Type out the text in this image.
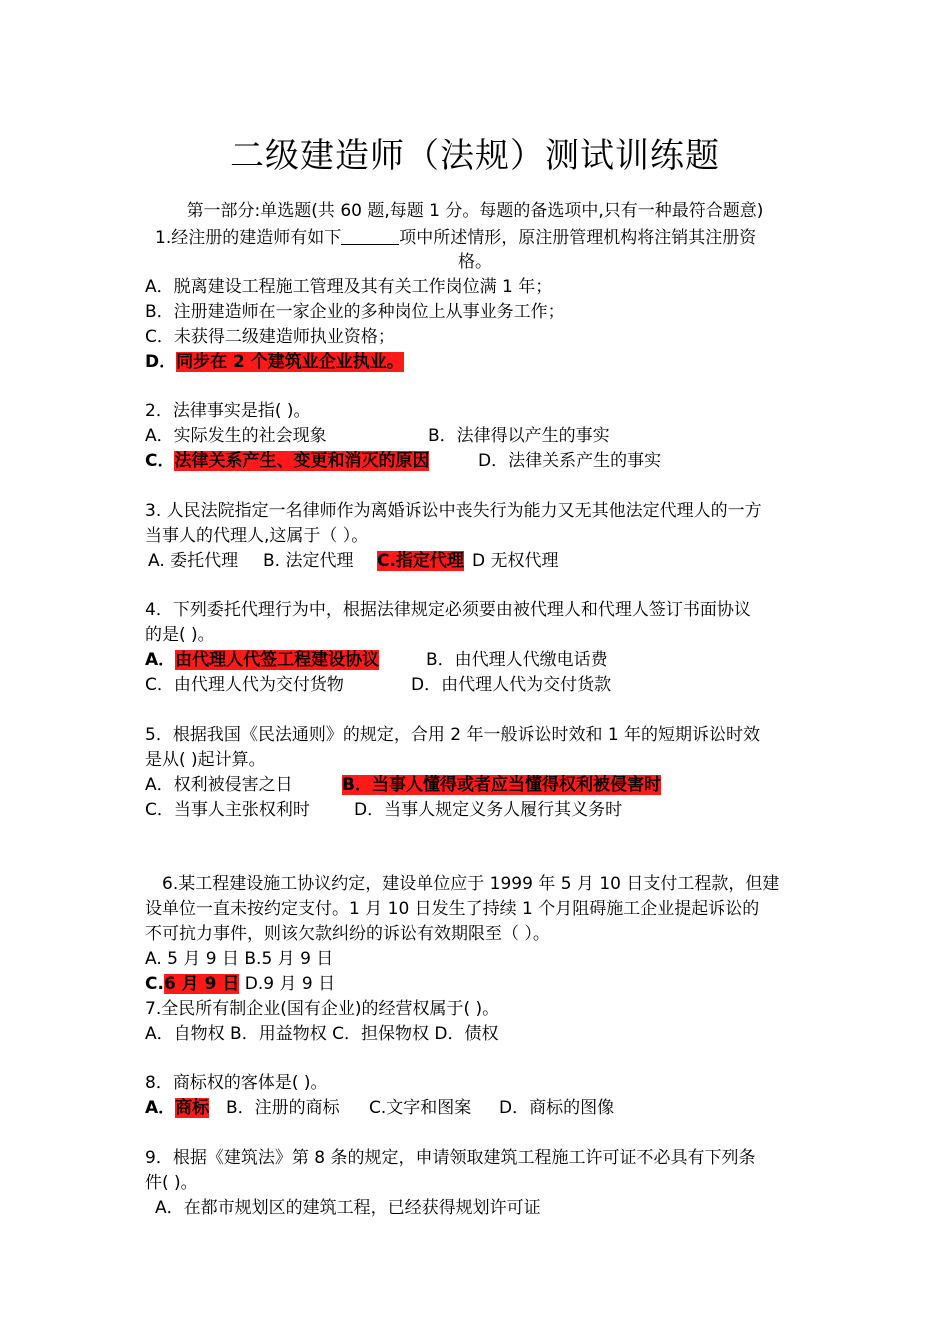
二级建造师（法规）测试训练题
第一部分:单选题(共 60 题,每题 1 分。每题的备选项中,只有一种最符合题意)
1.经注册的建造师有如下	项中所述情形，原注册管理机构将注销其注册资
格。
A．脱离建设工程施工管理及其有关工作岗位满 1 年；
B．注册建造师在一家企业的多种岗位上从事业务工作；
C．未获得二级建造师执业资格；
D．同步在 2 个建筑业企业执业。
2．法律事实是指( )。
A．实际发生的社会现象	B．法律得以产生的事实
C．法律关系产生、变更和消灭的原因	D．法律关系产生的事实
3. 人民法院指定一名律师作为离婚诉讼中丧失行为能力又无其他法定代理人的一方
当事人的代理人,这属于（ ）。
A. 委托代理 B. 法定代理 C.指定代理 D 无权代理
4．下列委托代理行为中，根据法律规定必须要由被代理人和代理人签订书面协议
的是( )。
A．由代理人代签工程建设协议	B．由代理人代缴电话费
C．由代理人代为交付货物	D．由代理人代为交付货款
5．根据我国《民法通则》的规定，合用 2 年一般诉讼时效和 1 年的短期诉讼时效
是从( )起计算。
A．权利被侵害之日	B．当事人懂得或者应当懂得权利被侵害时
C．当事人主张权利时	D．当事人规定义务人履行其义务时
6.某工程建设施工协议约定，建设单位应于 1999 年 5 月 10 日支付工程款，但建
设单位一直未按约定支付。1 月 10 日发生了持续 1 个月阻碍施工企业提起诉讼的
不可抗力事件，则该欠款纠纷的诉讼有效期限至（ ）。
A. 5 月 9 日 B.5 月 9 日
C.6 月 9 日 D.9 月 9 日
7.全民所有制企业(国有企业)的经营权属于( )。
A．自物权 B．用益物权 C．担保物权 D．债权
8．商标权的客体是( )。
A．商标 B．注册的商标 C.文字和图案 D．商标的图像
9．根据《建筑法》第 8 条的规定，申请领取建筑工程施工许可证不必具有下列条
件( )。
A．在都市规划区的建筑工程，已经获得规划许可证
